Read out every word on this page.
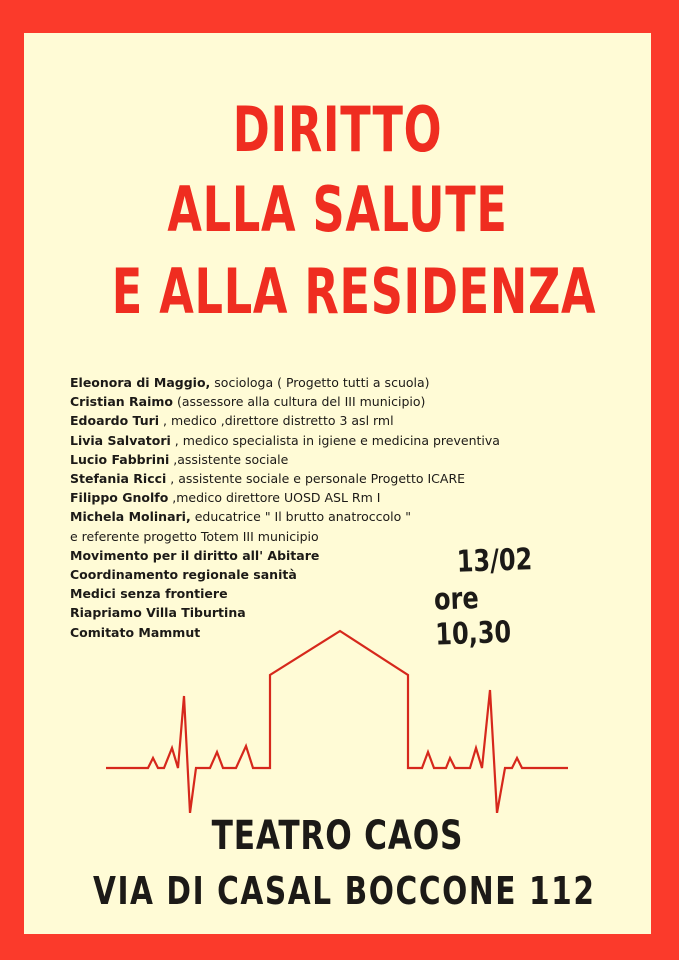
DIRITTO
ALLA SALUTE
E ALLA RESIDENZA
Eleonora di Maggio, sociologa ( Progetto tutti a scuola)
Cristian Raimo (assessore alla cultura del III municipio)
Edoardo Turi , medico ,direttore distretto 3 asl rml
Livia Salvatori , medico specialista in igiene e medicina preventiva
Lucio Fabbrini ,assistente sociale
Stefania Ricci , assistente sociale e personale Progetto ICARE
Filippo Gnolfo ,medico direttore UOSD ASL Rm I
Michela Molinari, educatrice " Il brutto anatroccolo "
e referente progetto Totem III municipio
Movimento per il diritto all' Abitare
Coordinamento regionale sanità
Medici senza frontiere
Riapriamo Villa Tiburtina
Comitato Mammut
13/02
ore 10,30
TEATRO CAOS
VIA DI CASAL BOCCONE 112
